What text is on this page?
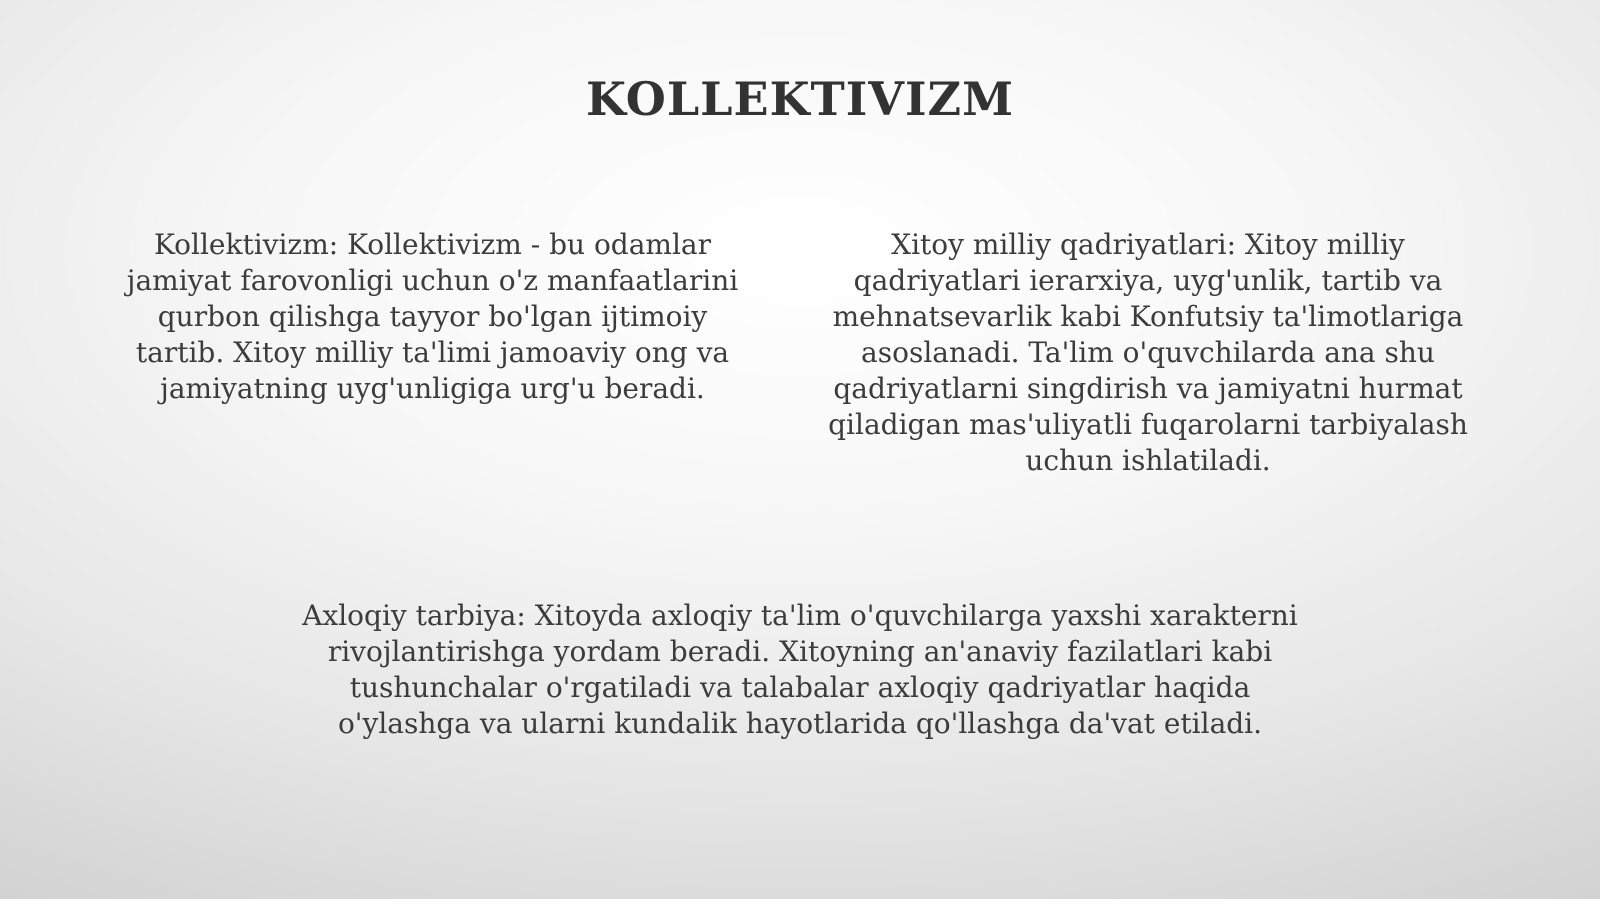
KOLLEKTIVIZM

Kollektivizm: Kollektivizm - bu odamlar
jamiyat farovonligi uchun o'z manfaatlarini
qurbon qilishga tayyor bo'lgan ijtimoiy
tartib. Xitoy milliy ta'limi jamoaviy ong va
jamiyatning uyg'unligiga urg'u beradi.

Xitoy milliy qadriyatlari: Xitoy milliy
qadriyatlari ierarxiya, uyg'unlik, tartib va
mehnatsevarlik kabi Konfutsiy ta'limotlariga
asoslanadi. Ta'lim o'quvchilarda ana shu
qadriyatlarni singdirish va jamiyatni hurmat
qiladigan mas'uliyatli fuqarolarni tarbiyalash
uchun ishlatiladi.

Axloqiy tarbiya: Xitoyda axloqiy ta'lim o'quvchilarga yaxshi xarakterni
rivojlantirishga yordam beradi. Xitoyning an'anaviy fazilatlari kabi
tushunchalar o'rgatiladi va talabalar axloqiy qadriyatlar haqida
o'ylashga va ularni kundalik hayotlarida qo'llashga da'vat etiladi.
